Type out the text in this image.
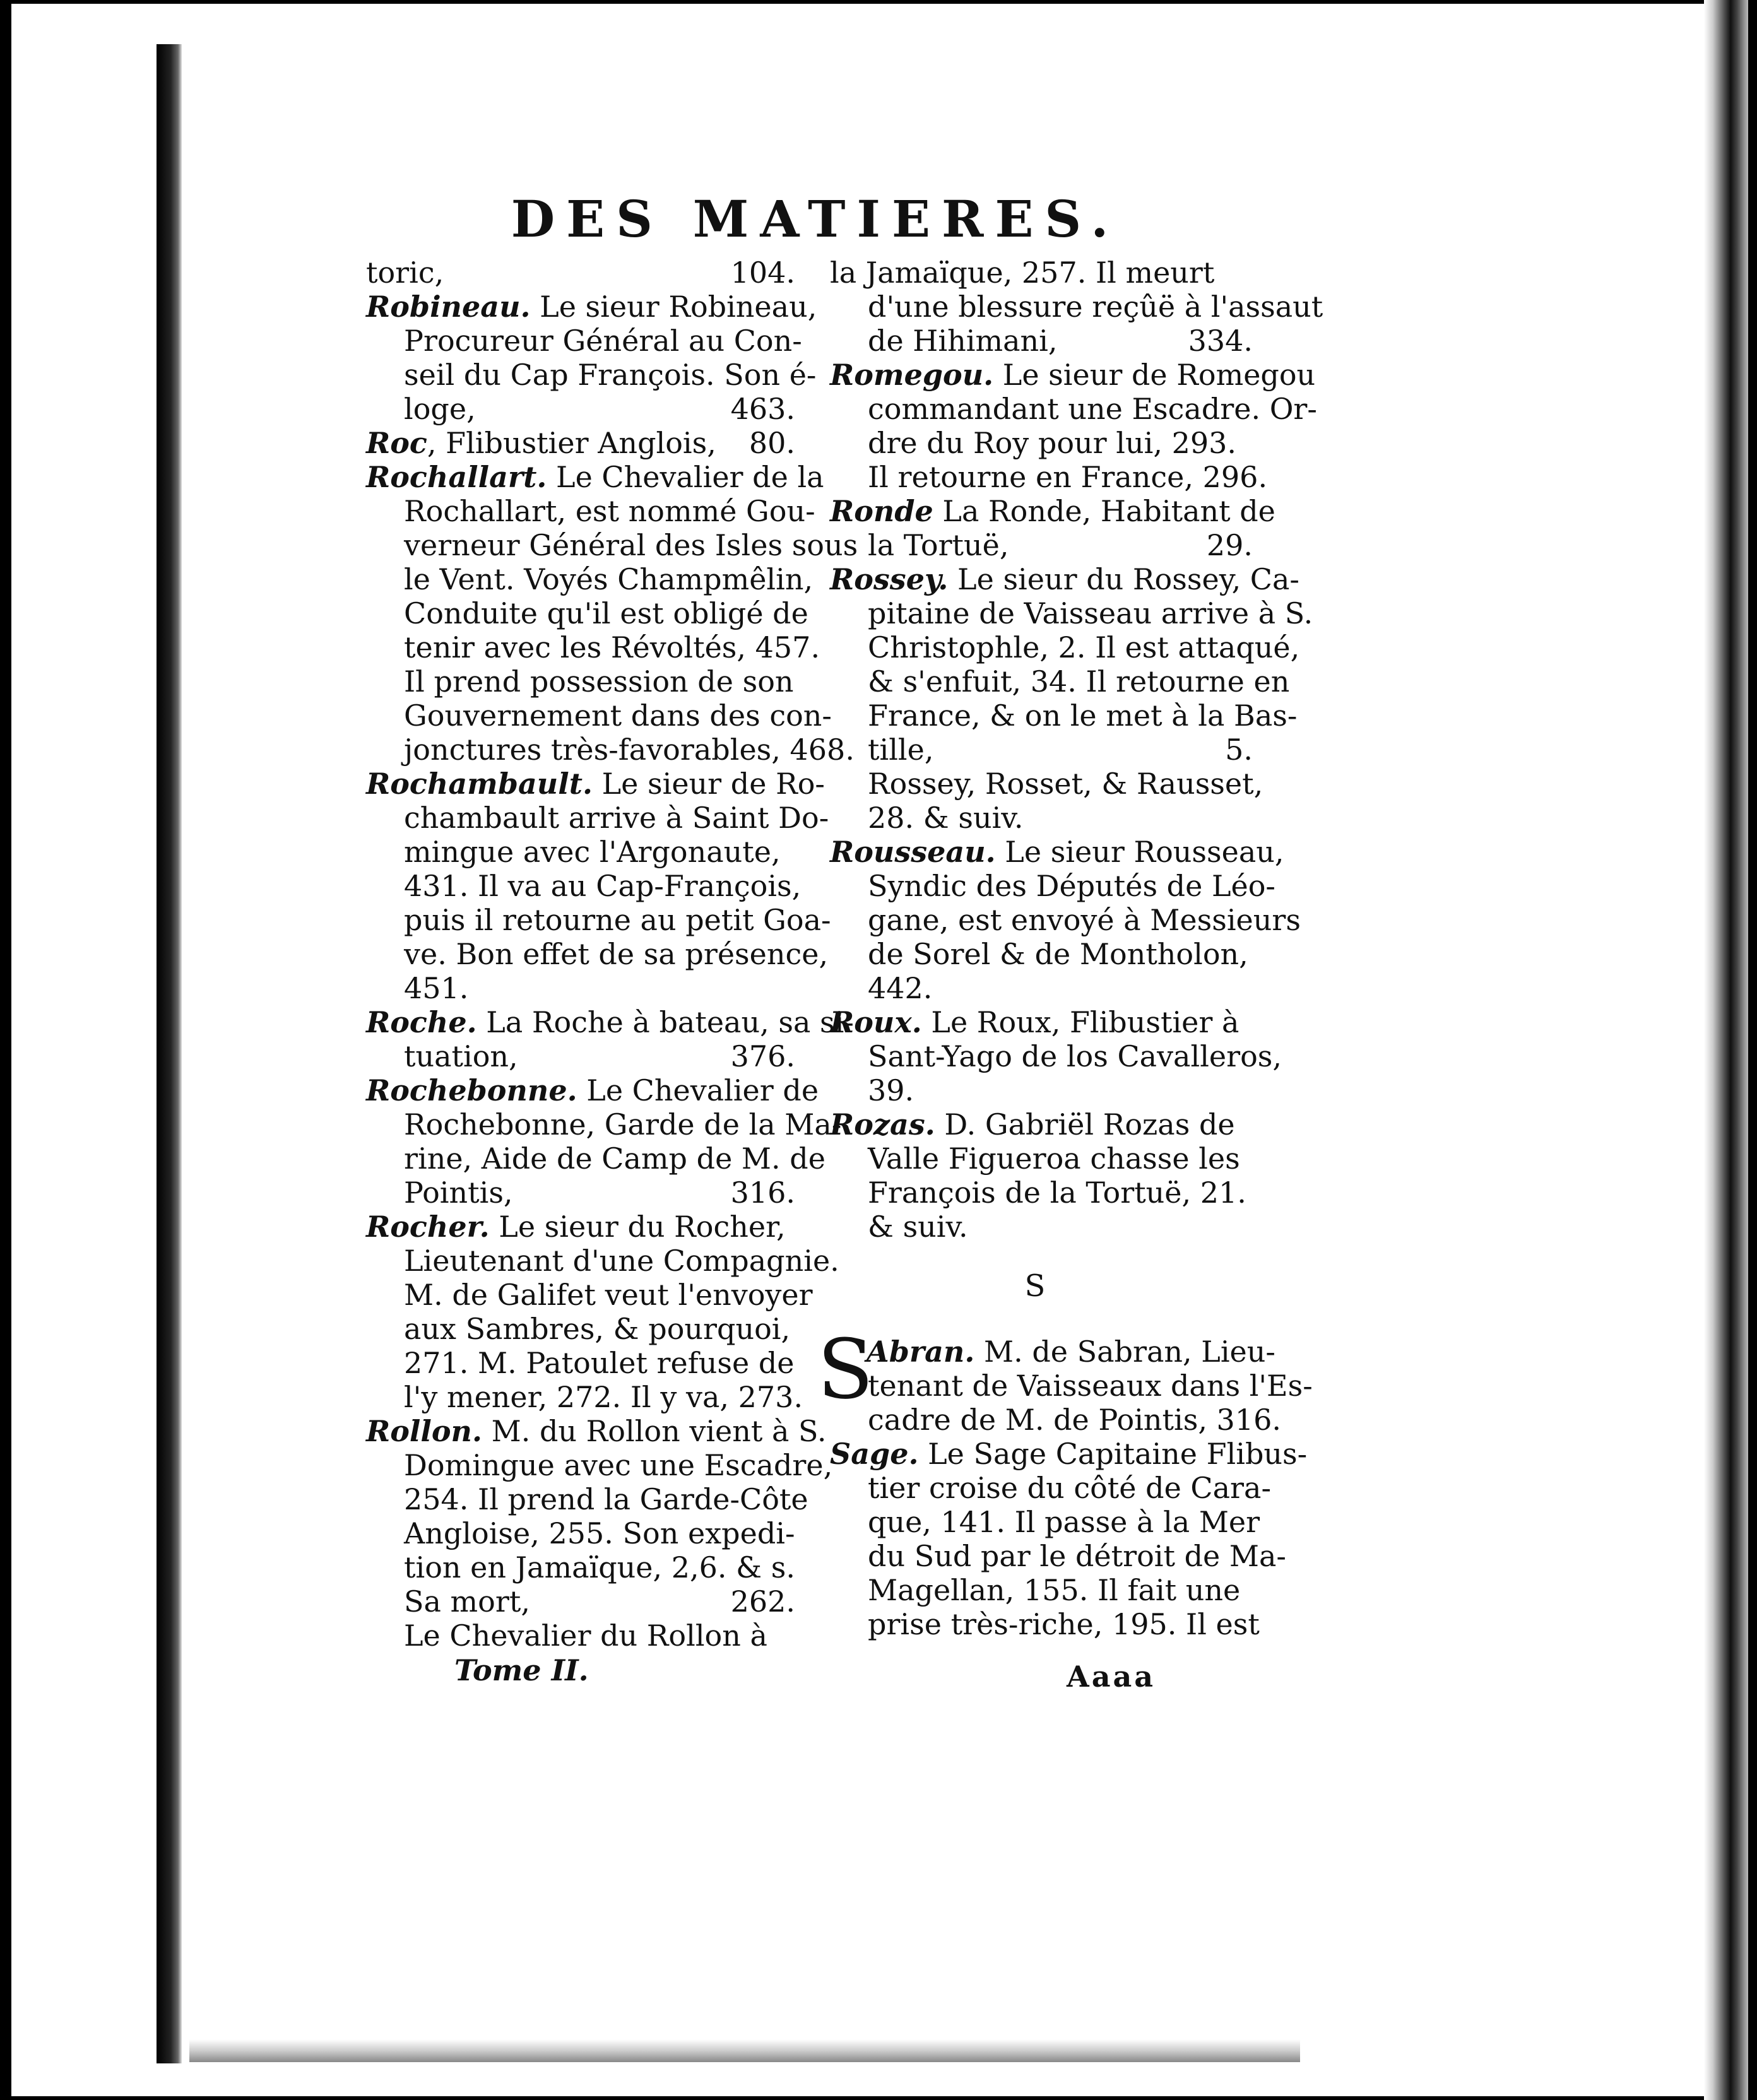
DES MATIERES.
toric,	104.
Robineau. Le sieur Robineau,
Procureur Général au Con-
seil du Cap François. Son é-
loge,	463.
Roc, Flibustier Anglois, 80.
Rochallart. Le Chevalier de la
Rochallart, est nommé Gou-
verneur Général des Isles sous
le Vent. Voyés Champmêlin,
Conduite qu'il est obligé de
tenir avec les Révoltés, 457.
Il prend possession de son
Gouvernement dans des con-
jonctures très-favorables, 468.
Rochambault. Le sieur de Ro-
chambault arrive à Saint Do-
mingue avec l'Argonaute,
431. Il va au Cap-François,
puis il retourne au petit Goa-
ve. Bon effet de sa présence,
451.
Roche. La Roche à bateau, sa si-
tuation,	376.
Rochebonne. Le Chevalier de
Rochebonne, Garde de la Ma-
rine, Aide de Camp de M. de
Pointis,	316.
Rocher. Le sieur du Rocher,
Lieutenant d'une Compagnie.
M. de Galifet veut l'envoyer
aux Sambres, & pourquoi,
271. M. Patoulet refuse de
l'y mener, 272. Il y va, 273.
Rollon. M. du Rollon vient à S.
Domingue avec une Escadre,
254. Il prend la Garde-Côte
Angloise, 255. Son expedi-
tion en Jamaïque, 2,6. & s.
Sa mort,	262.
Le Chevalier du Rollon à
la Jamaïque, 257. Il meurt
d'une blessure reçûë à l'assaut
de Hihimani,	334.
Romegou. Le sieur de Romegou
commandant une Escadre. Or-
dre du Roy pour lui, 293.
Il retourne en France, 296.
Ronde La Ronde, Habitant de
la Tortuë,	29.
Rossey. Le sieur du Rossey, Ca-
pitaine de Vaisseau arrive à S.
Christophle, 2. Il est attaqué,
& s'enfuit, 34. Il retourne en
France, & on le met à la Bas-
tille,	5.
Rossey, Rosset, & Rausset,
28. & suiv.
Rousseau. Le sieur Rousseau,
Syndic des Députés de Léo-
gane, est envoyé à Messieurs
de Sorel & de Montholon,
442.
Roux. Le Roux, Flibustier à
Sant-Yago de los Cavalleros,
39.
Rozas. D. Gabriël Rozas de
Valle Figueroa chasse les
François de la Tortuë, 21.
& suiv.
S
S
Abran. M. de Sabran, Lieu-
tenant de Vaisseaux dans l'Es-
cadre de M. de Pointis, 316.
Sage. Le Sage Capitaine Flibus-
tier croise du côté de Cara-
que, 141. Il passe à la Mer
du Sud par le détroit de Ma-
Magellan, 155. Il fait une
prise très-riche, 195. Il est
Tome II.	Aaaa
